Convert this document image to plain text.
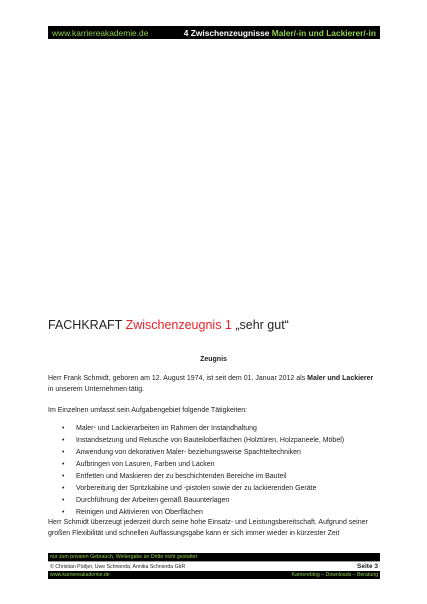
www.karriereakademie.de	4 Zwischenzeugnisse Maler/-in und Lackierer/-in
FACHKRAFT Zwischenzeugnis 1 „sehr gut“
Zeugnis
Herr Frank Schmidt, geboren am 12. August 1974, ist seit dem 01. Januar 2012 als Maler und Lackierer in unserem Unternehmen tätig.
Im Einzelnen umfasst sein Aufgabengebiet folgende Tätigkeiten:
• Maler- und Lackierarbeiten im Rahmen der Instandhaltung
• Instandsetzung und Retusche von Bauteiloberflächen (Holztüren, Holzpaneele, Möbel)
• Anwendung von dekorativen Maler- beziehungsweise Spachteltechniken
• Aufbringen von Lasuren, Farben und Lacken
• Entfetten und Maskieren der zu beschichtenden Bereiche im Bauteil
• Vorbereitung der Spritzkabine und -pistolen sowie der zu lackierenden Geräte
• Durchführung der Arbeiten gemäß Bauunterlagen
• Reinigen und Aktivieren von Oberflächen
Herr Schmidt überzeugt jederzeit durch seine hohe Einsatz- und Leistungsbereitschaft. Aufgrund seiner großen Flexibilität und schnellen Auffassungsgabe kann er sich immer wieder in kürzester Zeit
nur zum privaten Gebrauch, Weitergabe an Dritte nicht gestattet
© Christian Püttjer, Uwe Schnierda, Annika Schnierda GbR	Seite 3
www.karriereakademie.de	Karriereblog – Downloads – Beratung
